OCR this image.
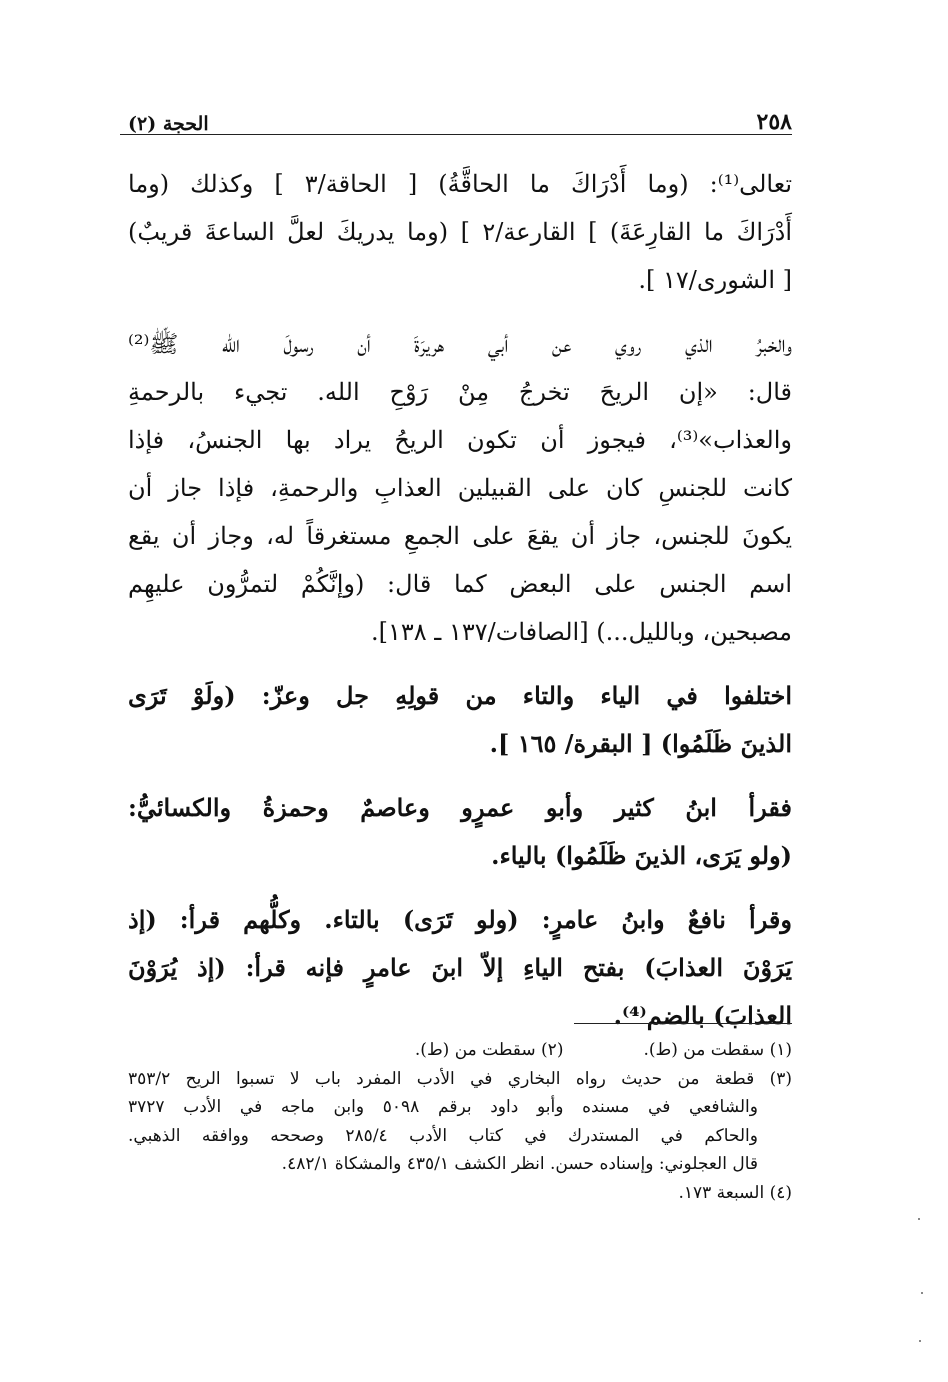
الحجة (٢)	٢٥٨

تعالى⁽¹⁾: (وما أَدْرَاكَ ما الحاقَّةُ) [ الحاقة/٣ ] وكذلك (وما
أَدْرَاكَ ما القارِعَةَ) ] القارعة/٢ ] (وما يدريكَ لعلَّ الساعةَ قريبٌ)
[ الشورى/١٧ ].

والخبرُ الذي روي عن أبي هريرَةَ أن رسولَ الله ﷺ⁽²⁾
قال: «إن الريحَ تخرجُ مِنْ رَوْحِ الله. تجيء بالرحمةِ
والعذاب»⁽³⁾، فيجوز أن تكون الريحُ يراد بها الجنسُ، فإذا
كانت للجنسِ كان على القبيلين العذابِ والرحمةِ، فإذا جاز أن
يكونَ للجنس، جاز أن يقعَ على الجمعِ مستغرقاً له، وجاز أن يقع
اسم الجنس على البعض كما قال: (وإنَّكُمْ لتمرُّون عليهِم
مصبحين، وبالليل...) [الصافات/١٣٧ ـ ١٣٨].

اختلفوا في الياء والتاء من قولِهِ جل وعزّ: (ولَوْ تَرَى
الذينَ ظَلَمُوا) [ البقرة/ ١٦٥ ].

فقرأ ابنُ كثير وأبو عمرٍو وعاصمٌ وحمزةُ والكسائيُّ:
(ولو يَرَى، الذينَ ظَلَمُوا) بالياء.

وقرأ نافعٌ وابنُ عامرٍ: (ولو تَرَى) بالتاء. وكلُّهم قرأ: (إذ
يَرَوْنَ العذابَ) بفتح الياءِ إلاّ ابنَ عامرٍ فإنه قرأ: (إذ يُرَوْنَ
العذابَ) بالضم⁽⁴⁾.

(١) سقطت من (ط).
(٢) سقطت من (ط).
(٣) قطعة من حديث رواه البخاري في الأدب المفرد باب لا تسبوا الريح ٣٥٣/٢
والشافعي في مسنده وأبو داود برقم ٥٠٩٨ وابن ماجه في الأدب ٣٧٢٧
والحاكم في المستدرك في كتاب الأدب ٢٨٥/٤ وصححه ووافقه الذهبي.
قال العجلوني: وإسناده حسن. انظر الكشف ٤٣٥/١ والمشكاة ٤٨٢/١.
(٤) السبعة ١٧٣.
